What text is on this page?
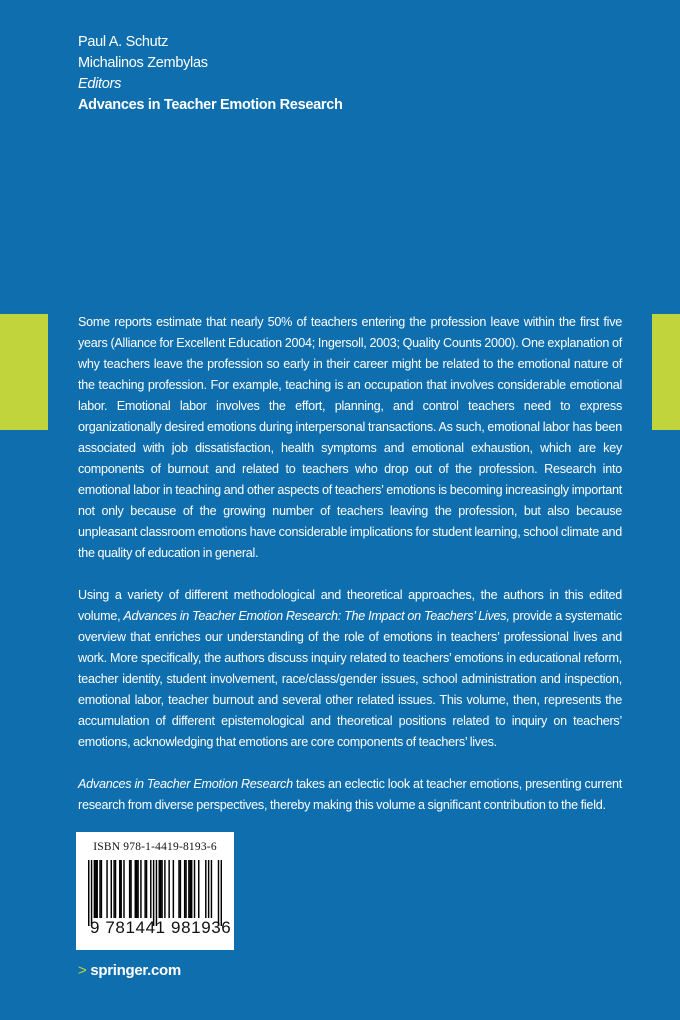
Paul A. Schutz
Michalinos Zembylas
Editors
Advances in Teacher Emotion Research

Some reports estimate that nearly 50% of teachers entering the profession leave within the first five years (Alliance for Excellent Education 2004; Ingersoll, 2003; Quality Counts 2000). One explanation of why teachers leave the profession so early in their career might be related to the emotional nature of the teaching profession. For example, teaching is an occupation that involves considerable emotional labor. Emotional labor involves the effort, planning, and control teachers need to express organizationally desired emotions during interpersonal transactions. As such, emotional labor has been associated with job dissatisfaction, health symptoms and emotional exhaustion, which are key components of burnout and related to teachers who drop out of the profession. Research into emotional labor in teaching and other aspects of teachers’ emotions is becoming increasingly important not only because of the growing number of teachers leaving the profession, but also because unpleasant classroom emotions have considerable implications for student learning, school climate and the quality of education in general.

Using a variety of different methodological and theoretical approaches, the authors in this edited volume, Advances in Teacher Emotion Research: The Impact on Teachers’ Lives, provide a systematic overview that enriches our understanding of the role of emotions in teachers’ professional lives and work. More specifically, the authors discuss inquiry related to teachers’ emotions in educational reform, teacher identity, student involvement, race/class/gender issues, school administration and inspection, emotional labor, teacher burnout and several other related issues. This volume, then, represents the accumulation of different epistemological and theoretical positions related to inquiry on teachers’ emotions, acknowledging that emotions are core components of teachers’ lives.

Advances in Teacher Emotion Research takes an eclectic look at teacher emotions, presenting current research from diverse perspectives, thereby making this volume a significant contribution to the field.

ISBN 978-1-4419-8193-6
9 781441 981936
> springer.com
